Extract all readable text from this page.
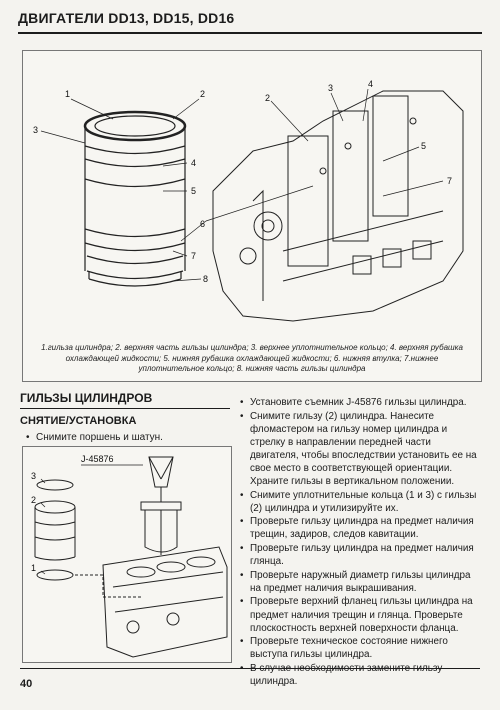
ДВИГАТЕЛИ DD13, DD15, DD16
1	2
3
4
5
6
7
8
2
3	4
5
7
1.гильза цилиндра; 2. верхняя часть гильзы цилиндра; 3. верхнее уплотнительное кольцо; 4. верхняя рубашка охлаждающей жидкости; 5. нижняя рубашка охлаждающей жидкости; 6. нижняя втулка; 7.нижнее уплотнительное кольцо; 8. нижняя часть гильзы цилиндра
ГИЛЬЗЫ ЦИЛИНДРОВ
СНЯТИЕ/УСТАНОВКА
• Снимите поршень и шатун.
J-45876
3
2
1
• Установите съемник J-45876 гильзы цилиндра.
• Снимите гильзу (2) цилиндра. Нанесите фломастером на гильзу номер цилиндра и стрелку в направлении передней части двигателя, чтобы впоследствии установить ее на свое место в соответствующей ориентации. Храните гильзы в вертикальном положении.
• Снимите уплотнительные кольца (1 и 3) с гильзы (2) цилиндра и утилизируйте их.
• Проверьте гильзу цилиндра на предмет наличия трещин, задиров, следов кавитации.
• Проверьте гильзу цилиндра на предмет наличия глянца.
• Проверьте наружный диаметр гильзы цилиндра на предмет наличия выкрашивания.
• Проверьте верхний фланец гильзы цилиндра на предмет наличия трещин и глянца. Проверьте плоскостность верхней поверхности фланца.
• Проверьте техническое состояние нижнего выступа гильзы цилиндра.
• В случае необходимости замените гильзу цилиндра.
40
